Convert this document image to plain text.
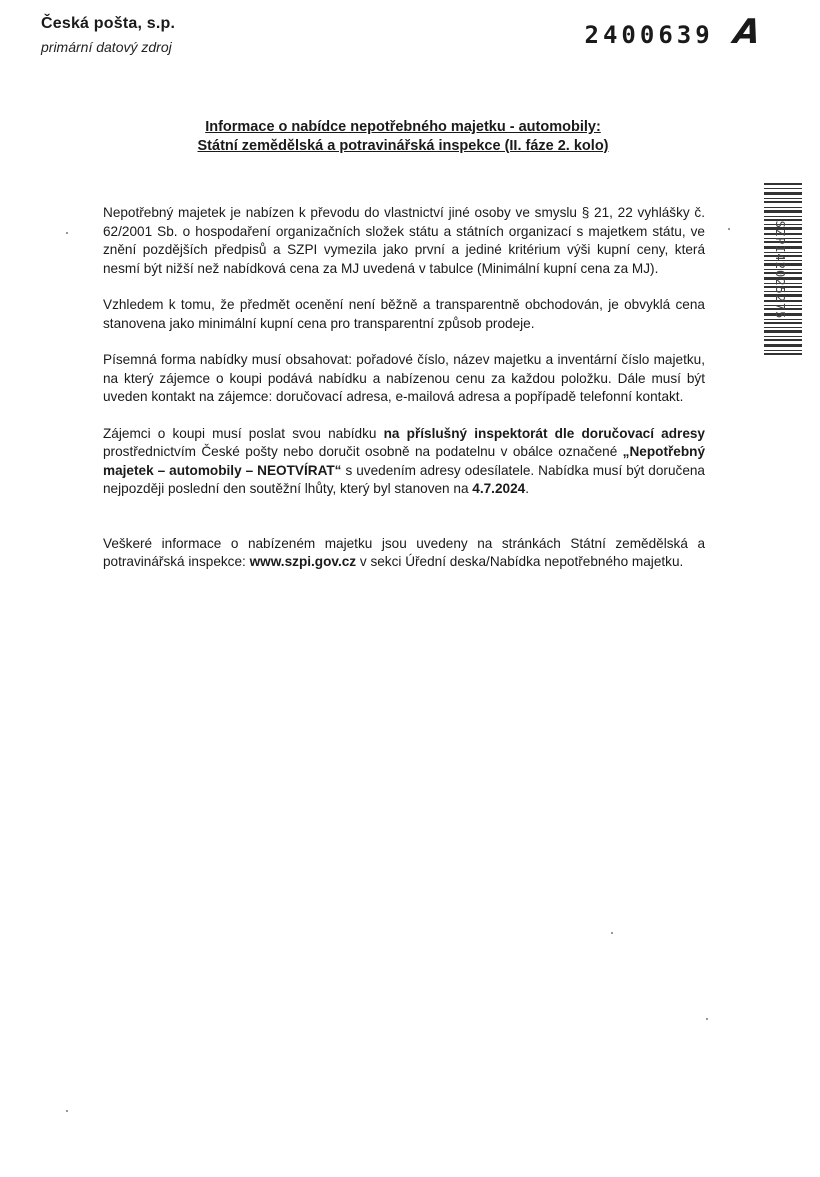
Česká pošta, s.p.
primární datový zdroj	2400639 A
Informace o nabídce nepotřebného majetku - automobily:
Státní zemědělská a potravinářská inspekce (II. fáze 2. kolo)

Nepotřebný majetek je nabízen k převodu do vlastnictví jiné osoby ve smyslu § 21, 22 vyhlášky č. 62/2001 Sb. o hospodaření organizačních složek státu a státních organizací s majetkem státu, ve znění pozdějších předpisů a SZPI vymezila jako první a jediné kritérium výši kupní ceny, která nesmí být nižší než nabídková cena za MJ uvedená v tabulce (Minimální kupní cena za MJ).

Vzhledem k tomu, že předmět ocenění není běžně a transparentně obchodován, je obvyklá cena stanovena jako minimální kupní cena pro transparentní způsob prodeje.

Písemná forma nabídky musí obsahovat: pořadové číslo, název majetku a inventární číslo majetku, na který zájemce o koupi podává nabídku a nabízenou cenu za každou položku. Dále musí být uveden kontakt na zájemce: doručovací adresa, e-mailová adresa a popřípadě telefonní kontakt.

Zájemci o koupi musí poslat svou nabídku na příslušný inspektorát dle doručovací adresy prostřednictvím České pošty nebo doručit osobně na podatelnu v obálce označené „Nepotřebný majetek – automobily – NEOTVÍRAT“ s uvedením adresy odesílatele. Nabídka musí být doručena nejpozději poslední den soutěžní lhůty, který byl stanoven na 4.7.2024.

Veškeré informace o nabízeném majetku jsou uvedeny na stránkách Státní zemědělská a potravinářská inspekce: www.szpi.gov.cz v sekci Úřední deska/Nabídka nepotřebného majetku.

SZPI42025275
